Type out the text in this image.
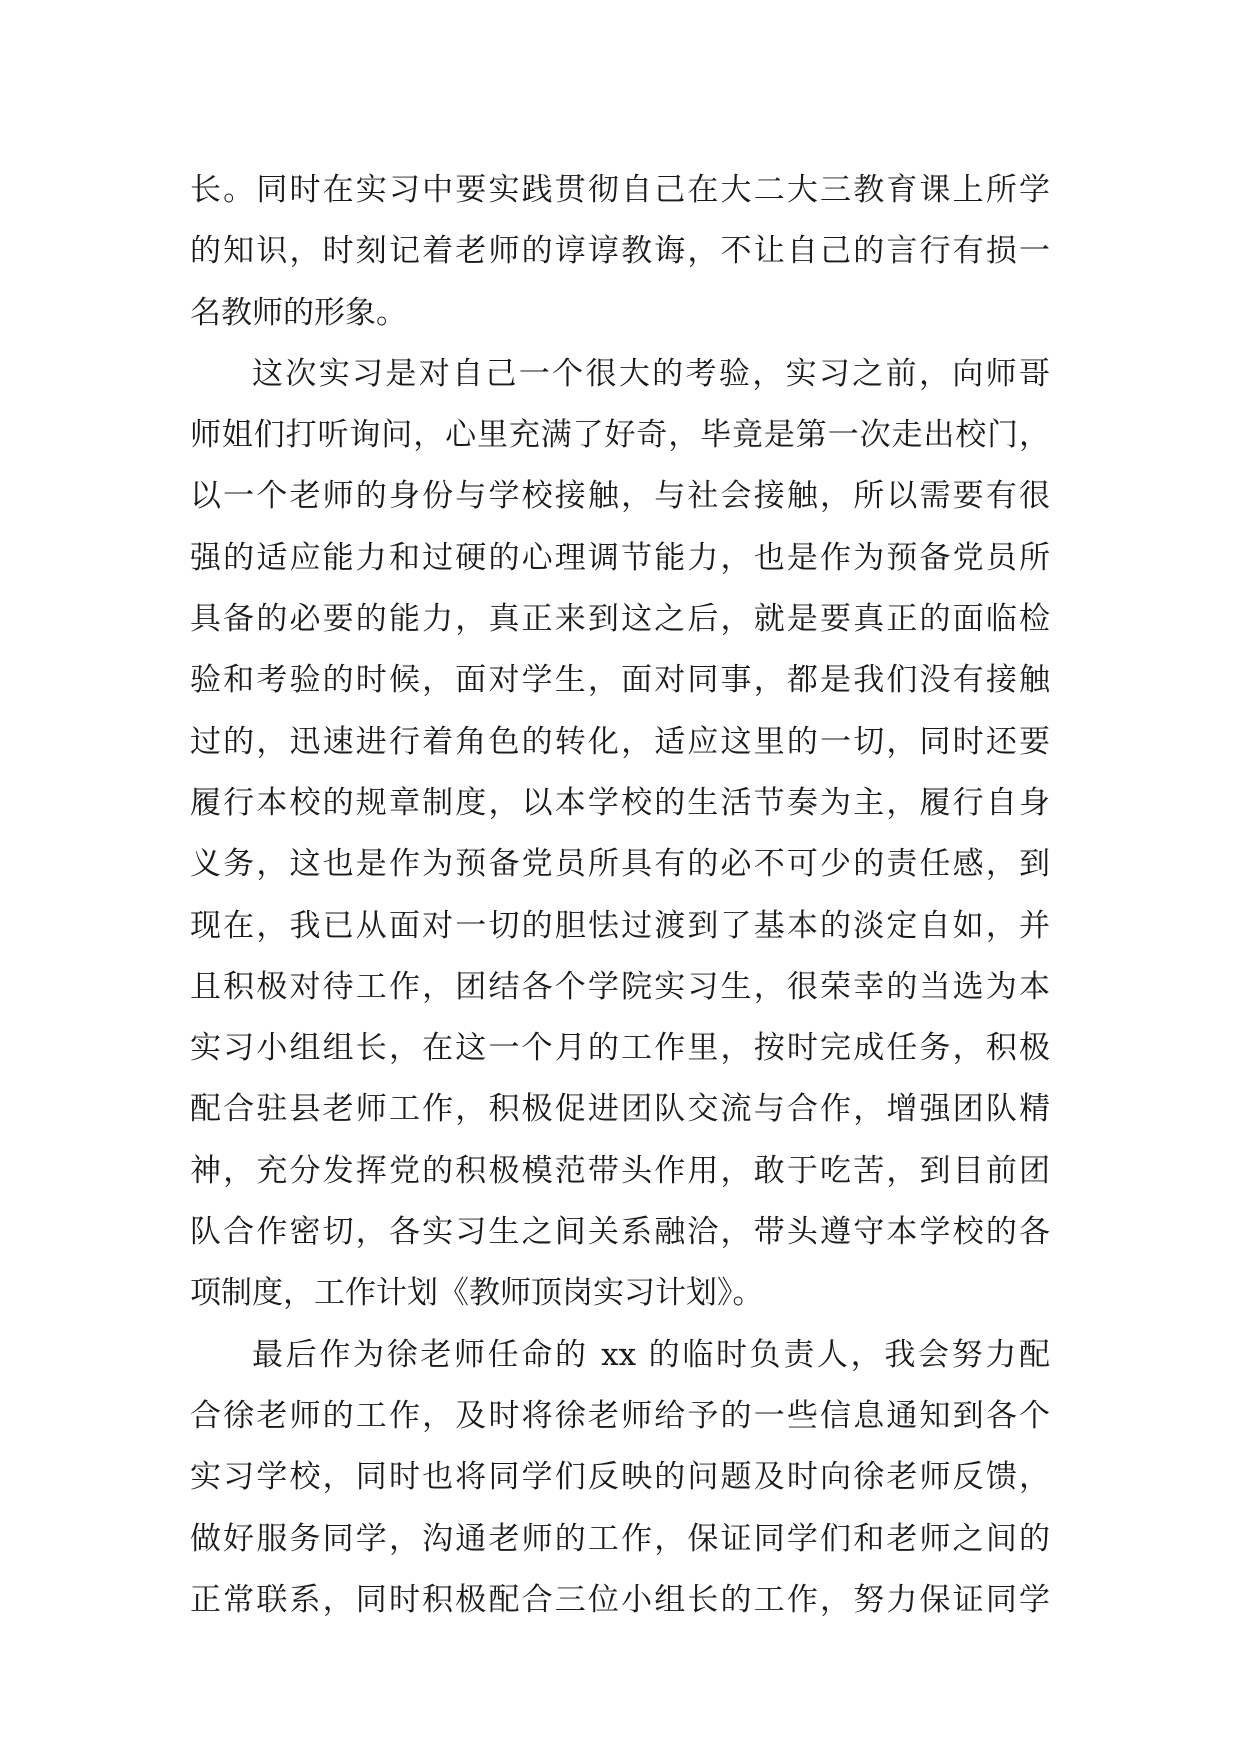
长。同时在实习中要实践贯彻自己在大二大三教育课上所学
的知识，时刻记着老师的谆谆教诲，不让自己的言行有损一
名教师的形象。
这次实习是对自己一个很大的考验，实习之前，向师哥
师姐们打听询问，心里充满了好奇，毕竟是第一次走出校门，
以一个老师的身份与学校接触，与社会接触，所以需要有很
强的适应能力和过硬的心理调节能力，也是作为预备党员所
具备的必要的能力，真正来到这之后，就是要真正的面临检
验和考验的时候，面对学生，面对同事，都是我们没有接触
过的，迅速进行着角色的转化，适应这里的一切，同时还要
履行本校的规章制度，以本学校的生活节奏为主，履行自身
义务，这也是作为预备党员所具有的必不可少的责任感，到
现在，我已从面对一切的胆怯过渡到了基本的淡定自如，并
且积极对待工作，团结各个学院实习生，很荣幸的当选为本
实习小组组长，在这一个月的工作里，按时完成任务，积极
配合驻县老师工作，积极促进团队交流与合作，增强团队精
神，充分发挥党的积极模范带头作用，敢于吃苦，到目前团
队合作密切，各实习生之间关系融洽，带头遵守本学校的各
项制度，工作计划《教师顶岗实习计划》。
最后作为徐老师任命的 xx 的临时负责人，我会努力配
合徐老师的工作，及时将徐老师给予的一些信息通知到各个
实习学校，同时也将同学们反映的问题及时向徐老师反馈，
做好服务同学，沟通老师的工作，保证同学们和老师之间的
正常联系，同时积极配合三位小组长的工作，努力保证同学
